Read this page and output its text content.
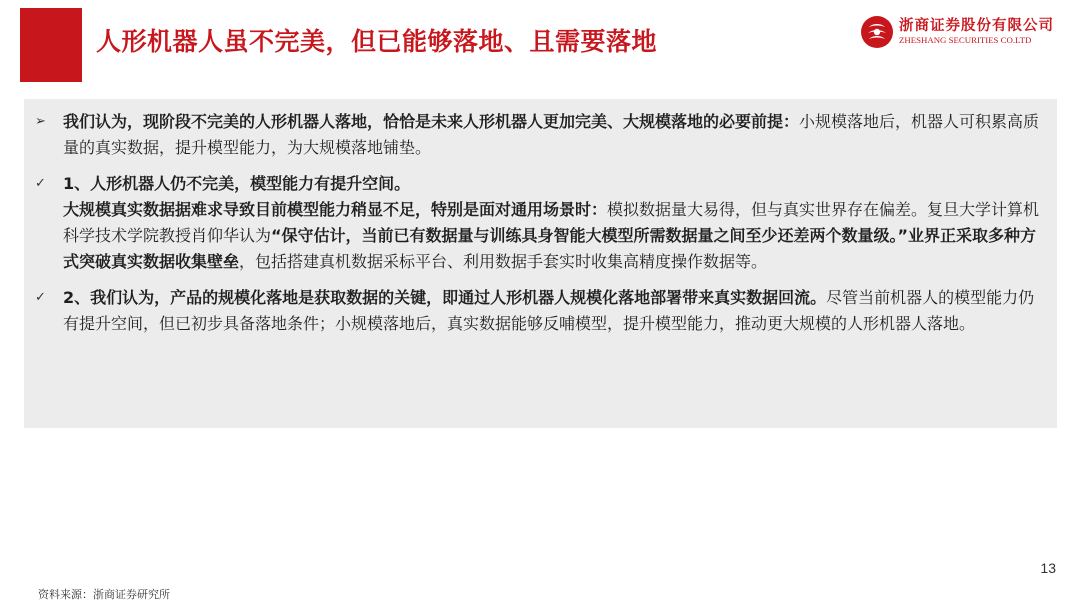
人形机器人虽不完美，但已能够落地、且需要落地
浙商证券股份有限公司
ZHESHANG SECURITIES CO.LTD
➢	我们认为，现阶段不完美的人形机器人落地，恰恰是未来人形机器人更加完美、大规模落地的必要前提：小规模落地后，机器人可积累高质量的真实数据，提升模型能力，为大规模落地铺垫。
✓	1、人形机器人仍不完美，模型能力有提升空间。
大规模真实数据据难求导致目前模型能力稍显不足，特别是面对通用场景时：模拟数据量大易得，但与真实世界存在偏差。复旦大学计算机科学技术学院教授肖仰华认为“保守估计，当前已有数据量与训练具身智能大模型所需数据量之间至少还差两个数量级。”业界正采取多种方式突破真实数据收集壁垒，包括搭建真机数据采标平台、利用数据手套实时收集高精度操作数据等。
✓	2、我们认为，产品的规模化落地是获取数据的关键，即通过人形机器人规模化落地部署带来真实数据回流。尽管当前机器人的模型能力仍有提升空间，但已初步具备落地条件；小规模落地后，真实数据能够反哺模型，提升模型能力，推动更大规模的人形机器人落地。
13
资料来源：浙商证券研究所
